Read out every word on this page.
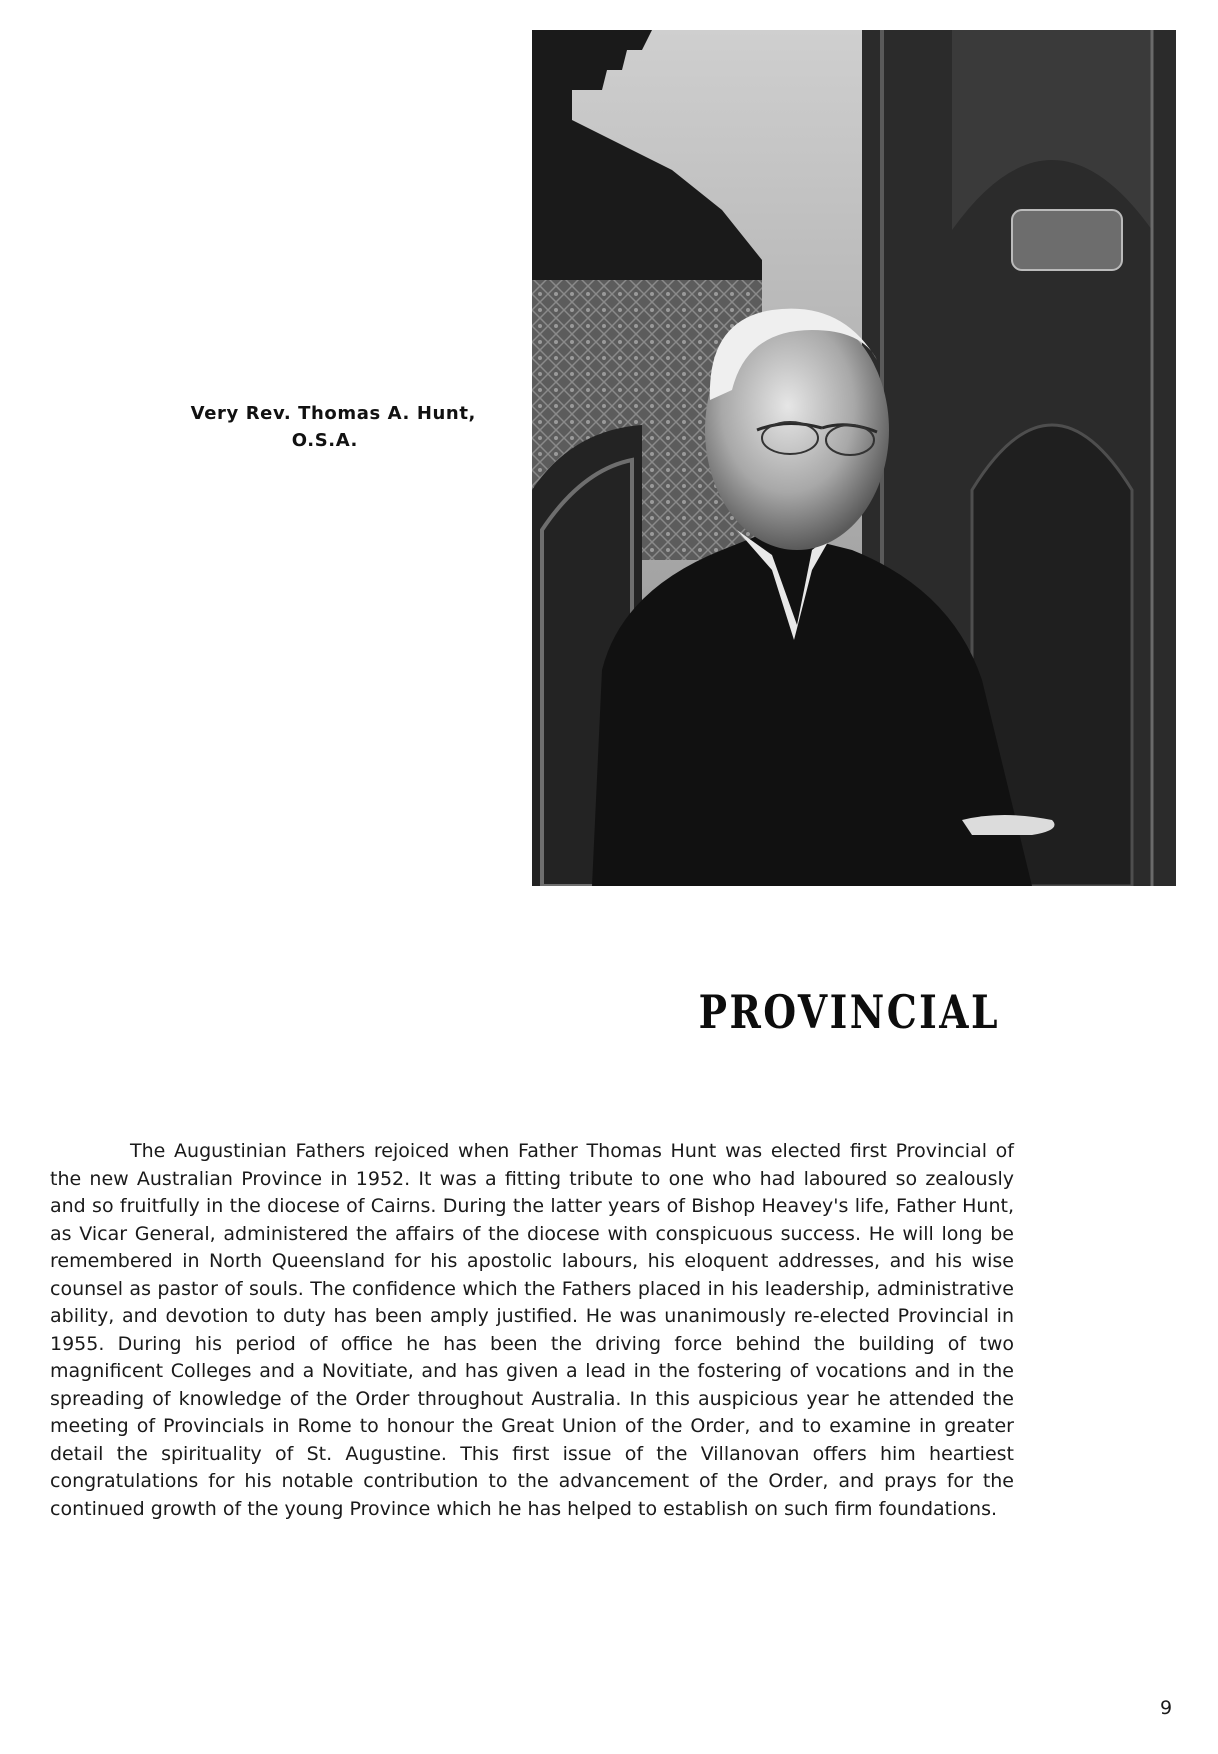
Very Rev. Thomas A. Hunt,
O.S.A.
PROVINCIAL

The Augustinian Fathers rejoiced when Father Thomas Hunt was elected first Provincial of the new Australian Province in 1952. It was a fitting tribute to one who had laboured so zealously and so fruitfully in the diocese of Cairns. During the latter years of Bishop Heavey's life, Father Hunt, as Vicar General, administered the affairs of the diocese with conspicuous success. He will long be remembered in North Queensland for his apostolic labours, his eloquent addresses, and his wise counsel as pastor of souls. The confidence which the Fathers placed in his leadership, administrative ability, and devotion to duty has been amply justified. He was unanimously re-elected Provincial in 1955. During his period of office he has been the driving force behind the building of two magnificent Colleges and a Novitiate, and has given a lead in the fostering of vocations and in the spreading of knowledge of the Order throughout Australia. In this auspicious year he attended the meeting of Provincials in Rome to honour the Great Union of the Order, and to examine in greater detail the spirituality of St. Augustine. This first issue of the Villanovan offers him heartiest congratulations for his notable contribution to the advancement of the Order, and prays for the continued growth of the young Province which he has helped to establish on such firm foundations.

9
